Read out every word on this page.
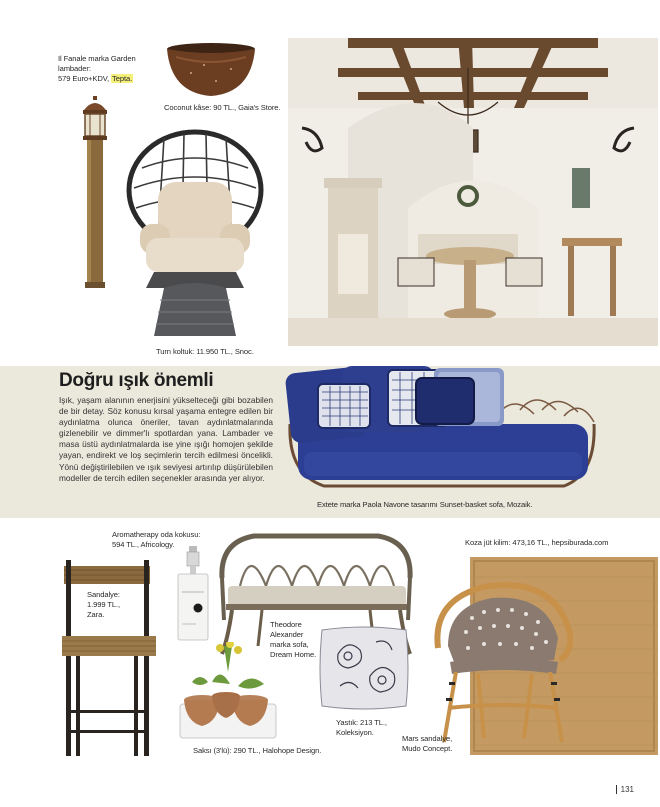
Il Fanale marka Garden
lambader:
579 Euro+KDV, Tepta.
Coconut kâse: 90 TL., Gaia's Store.
Turn koltuk: 11.950 TL., Snoc.
Doğru ışık önemli
Işık, yaşam alanının enerjisini yükselteceği gibi bozabilen de bir detay. Söz konusu kırsal yaşama entegre edilen bir aydınlatma olunca öneriler, tavan aydınlatmalarında gizlenebilir ve dimmer'lı spotlardan yana. Lambader ve masa üstü aydınlatmalarda ise yine ışığı homojen şekilde yayan, endirekt ve loş seçimlerin tercih edilmesi öncelikli. Yönü değiştirilebilen ve ışık seviyesi artırılıp düşürülebilen modeller de tercih edilen seçenekler arasında yer alıyor.
Extete marka Paola Navone tasarımı Sunset-basket sofa, Mozaik.
Aromatherapy oda kokusu:
594 TL., Africology.
Sandalye:
1.999 TL.,
Zara.
Theodore
Alexander
marka sofa,
Dream Home.
Saksı (3'lü): 290 TL., Halohope Design.
Yastık: 213 TL.,
Koleksiyon.
Koza jüt kilim: 473,16 TL., hepsiburada.com
Mars sandalye,
Mudo Concept.
131
